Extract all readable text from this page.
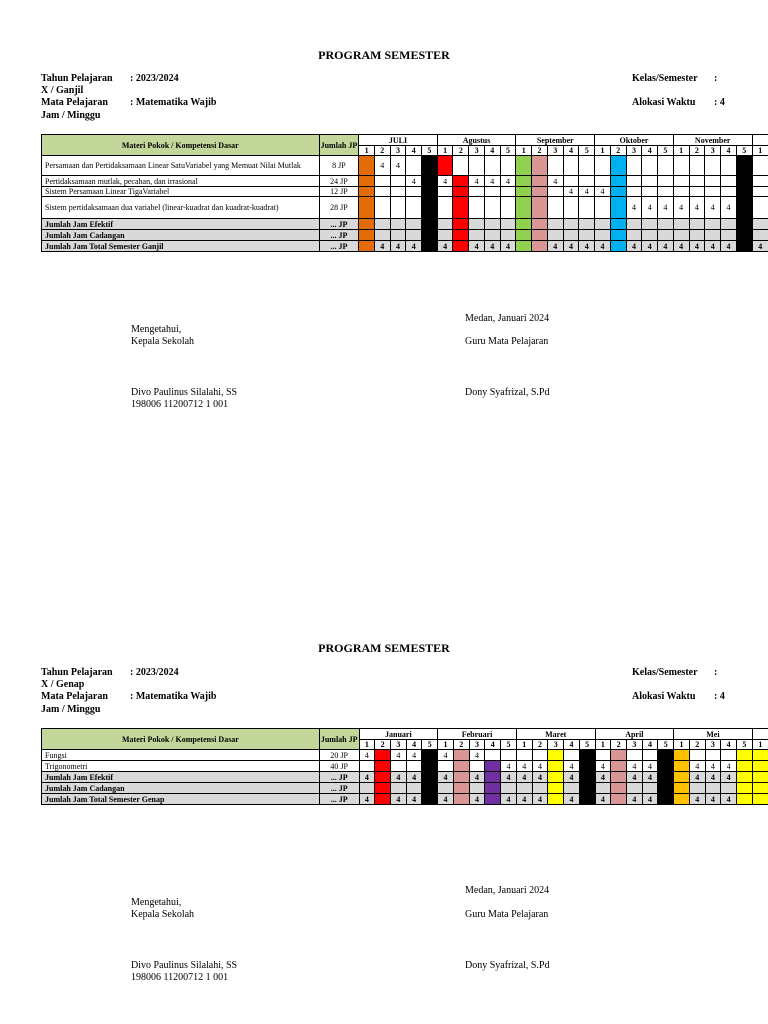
PROGRAM SEMESTER
Tahun Pelajaran : 2023/2024
X / Ganjil
Mata Pelajaran : Matematika Wajib
Jam / Minggu
Kelas/Semester :
Alokasi Waktu : 4
Materi Pokok / Kompetensi Dasar	Jumlah JP	JULI					Agustus					September					Oktober					November					
		1	2	3	4	5	1	2	3	4	5	1	2	3	4	5	1	2	3	4	5	1	2	3	4	5	1
Persamaan dan Pertidaksamaan Linear SatuVariabel yang Memuat Nilai Mutlak	8 JP		4	4																							
Pertidaksamaan mutlak, pecahan, dan irrasional	24 JP				4		4		4	4	4			4													
Sistem Persamaan Linear TigaVariabel	12 JP														4	4	4										
Sistem pertidaksamaan dua variabel (linear-kuadrat dan kuadrat-kuadrat)	28 JP																		4	4	4	4	4	4	4		
Jumlah Jam Efektif	... JP																										
Jumlah Jam Cadangan	... JP																										
Jumlah Jam Total Semester Ganjil	... JP		4	4	4		4		4	4	4			4	4	4	4		4	4	4	4	4	4	4		4
Medan, Januari 2024
Mengetahui,
Kepala Sekolah	Guru Mata Pelajaran
Divo Paulinus Silalahi, SS
198006 11200712 1 001
Dony Syafrizal, S.Pd
PROGRAM SEMESTER
Tahun Pelajaran : 2023/2024
X / Genap
Mata Pelajaran : Matematika Wajib
Jam / Minggu
Kelas/Semester :
Alokasi Waktu : 4
Materi Pokok / Kompetensi Dasar	Jumlah JP	Januari					Februari					Maret					April					Mei					
		1	2	3	4	5	1	2	3	4	5	1	2	3	4	5	1	2	3	4	5	1	2	3	4	5	1
Fungsi	20 JP	4		4	4		4		4																		
Trigonometri	40 JP										4	4	4		4		4		4	4			4	4	4		
Jumlah Jam Efektif	... JP	4		4	4		4		4		4	4	4		4		4		4	4			4	4	4		
Jumlah Jam Cadangan	... JP																										
Jumlah Jam Total Semester Genap	... JP	4		4	4		4		4		4	4	4		4		4		4	4			4	4	4		
Medan, Januari 2024
Mengetahui,
Kepala Sekolah	Guru Mata Pelajaran
Divo Paulinus Silalahi, SS
198006 11200712 1 001
Dony Syafrizal, S.Pd
